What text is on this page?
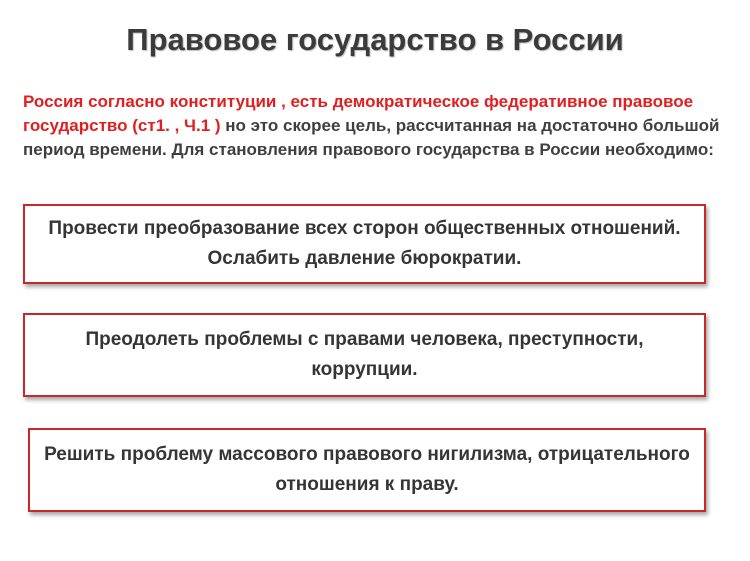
Правовое государство в России
Россия согласно конституции , есть демократическое федеративное правовое государство (ст1. , Ч.1 ) но это скорее цель, рассчитанная на достаточно большой период времени. Для становления правового государства в России необходимо:
Провести преобразование всех сторон общественных отношений. Ослабить давление бюрократии.
Преодолеть проблемы с правами человека, преступности, коррупции.
Решить проблему массового правового нигилизма, отрицательного отношения к праву.
